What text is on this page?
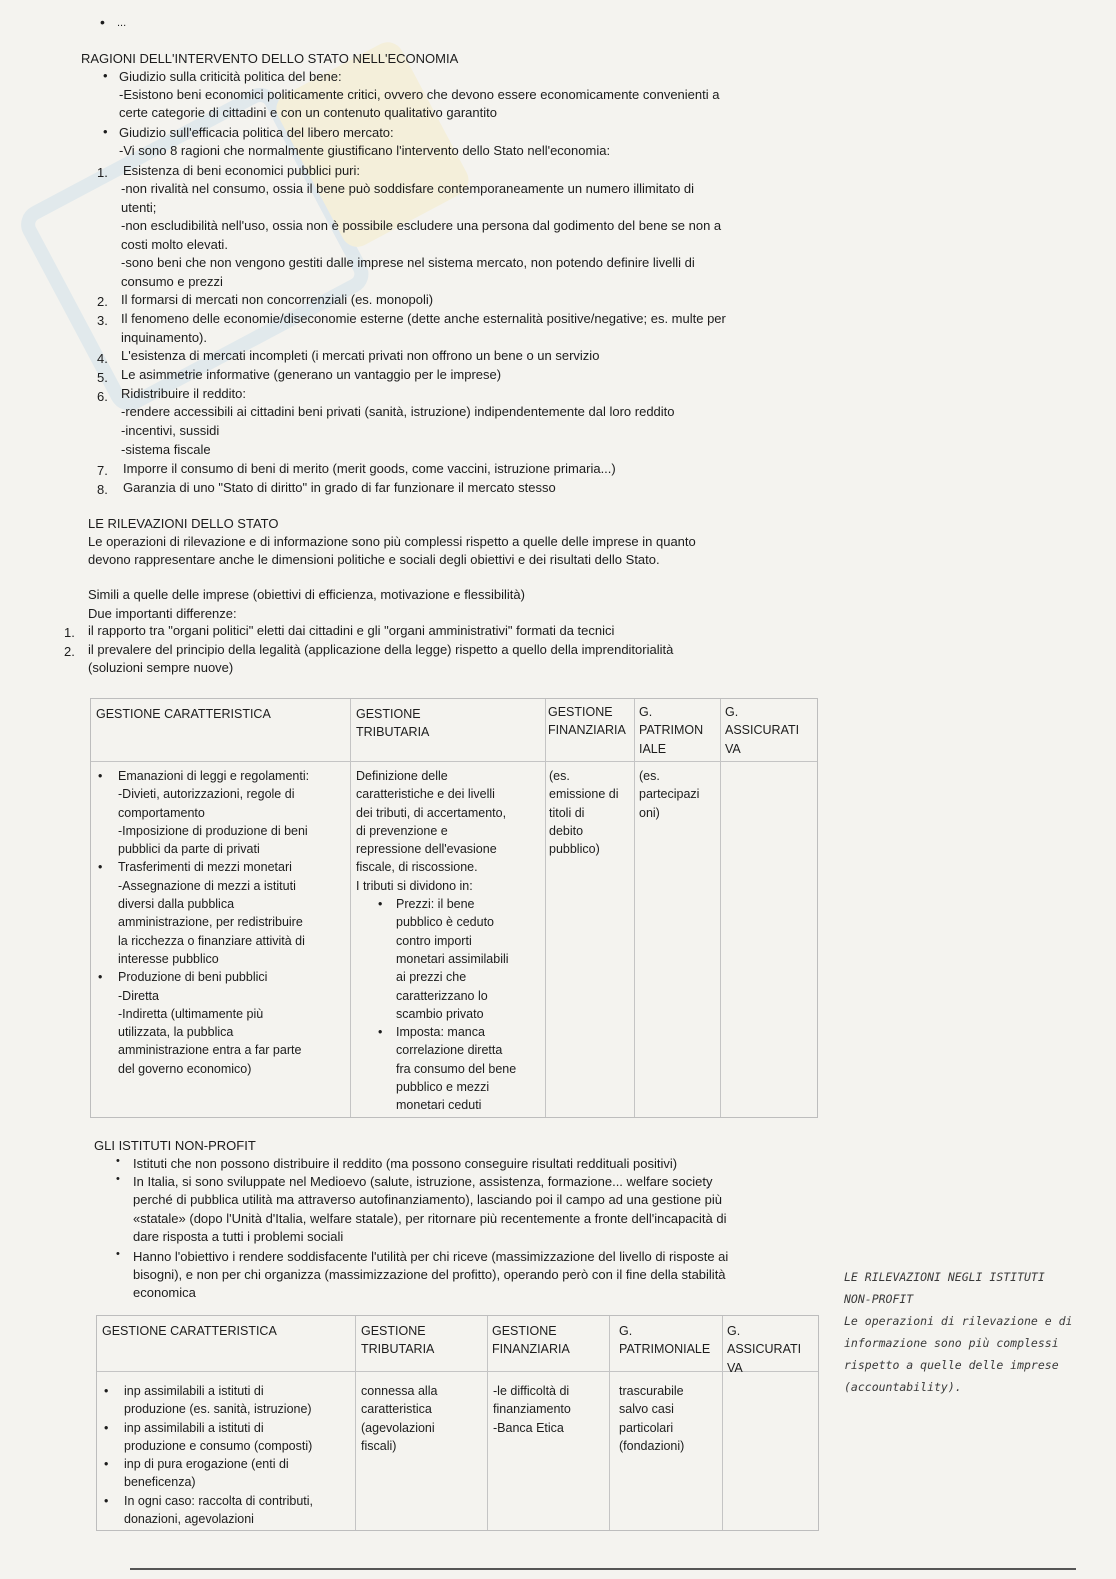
• ...
RAGIONI DELL'INTERVENTO DELLO STATO NELL'ECONOMIA
• Giudizio sulla criticità politica del bene:
-Esistono beni economici politicamente critici, ovvero che devono essere economicamente convenienti a
certe categorie di cittadini e con un contenuto qualitativo garantito
• Giudizio sull'efficacia politica del libero mercato:
-Vi sono 8 ragioni che normalmente giustificano l'intervento dello Stato nell'economia:
1. Esistenza di beni economici pubblici puri:
-non rivalità nel consumo, ossia il bene può soddisfare contemporaneamente un numero illimitato di
utenti;
-non escludibilità nell'uso, ossia non è possibile escludere una persona dal godimento del bene se non a
costi molto elevati.
-sono beni che non vengono gestiti dalle imprese nel sistema mercato, non potendo definire livelli di
consumo e prezzi
2. Il formarsi di mercati non concorrenziali (es. monopoli)
3. Il fenomeno delle economie/diseconomie esterne (dette anche esternalità positive/negative; es. multe per
inquinamento).
4. L'esistenza di mercati incompleti (i mercati privati non offrono un bene o un servizio
5. Le asimmetrie informative (generano un vantaggio per le imprese)
6. Ridistribuire il reddito:
-rendere accessibili ai cittadini beni privati (sanità, istruzione) indipendentemente dal loro reddito
-incentivi, sussidi
-sistema fiscale
7. Imporre il consumo di beni di merito (merit goods, come vaccini, istruzione primaria...)
8. Garanzia di uno "Stato di diritto" in grado di far funzionare il mercato stesso
LE RILEVAZIONI DELLO STATO
Le operazioni di rilevazione e di informazione sono più complessi rispetto a quelle delle imprese in quanto
devono rappresentare anche le dimensioni politiche e sociali degli obiettivi e dei risultati dello Stato.
Simili a quelle delle imprese (obiettivi di efficienza, motivazione e flessibilità)
Due importanti differenze:
1. il rapporto tra "organi politici" eletti dai cittadini e gli "organi amministrativi" formati da tecnici
2. il prevalere del principio della legalità (applicazione della legge) rispetto a quello della imprenditorialità
(soluzioni sempre nuove)
GESTIONE CARATTERISTICA	GESTIONE
TRIBUTARIA
GESTIONE
FINANZIARIA
G.
PATRIMON
IALE
G.
ASSICURATI
VA
•
•
•
Emanazioni di leggi e regolamenti:
-Divieti, autorizzazioni, regole di
comportamento
-Imposizione di produzione di beni
pubblici da parte di privati
Trasferimenti di mezzi monetari
-Assegnazione di mezzi a istituti
diversi dalla pubblica
amministrazione, per redistribuire
la ricchezza o finanziare attività di
interesse pubblico
Produzione di beni pubblici
-Diretta
-Indiretta (ultimamente più
utilizzata, la pubblica
amministrazione entra a far parte
del governo economico)
Definizione delle
caratteristiche e dei livelli
dei tributi, di accertamento,
di prevenzione e
repressione dell'evasione
fiscale, di riscossione.
I tributi si dividono in:
•
•
Prezzi: il bene
pubblico è ceduto
contro importi
monetari assimilabili
ai prezzi che
caratterizzano lo
scambio privato
Imposta: manca
correlazione diretta
fra consumo del bene
pubblico e mezzi
monetari ceduti
(es.
emissione di
titoli di
debito
pubblico)
(es.
partecipazi
oni)
GLI ISTITUTI NON-PROFIT
• Istituti che non possono distribuire il reddito (ma possono conseguire risultati reddituali positivi)
• In Italia, si sono sviluppate nel Medioevo (salute, istruzione, assistenza, formazione... welfare society
perché di pubblica utilità ma attraverso autofinanziamento), lasciando poi il campo ad una gestione più
«statale» (dopo l'Unità d'Italia, welfare statale), per ritornare più recentemente a fronte dell'incapacità di
dare risposta a tutti i problemi sociali
• Hanno l'obiettivo i rendere soddisfacente l'utilità per chi riceve (massimizzazione del livello di risposte ai
bisogni), e non per chi organizza (massimizzazione del profitto), operando però con il fine della stabilità
economica
LE RILEVAZIONI NEGLI ISTITUTI
NON-PROFIT
Le operazioni di rilevazione e di
informazione sono più complessi
rispetto a quelle delle imprese
(accountability).
GESTIONE CARATTERISTICA	GESTIONE
TRIBUTARIA
GESTIONE
FINANZIARIA
G.
PATRIMONIALE
G.
ASSICURATI
VA
•
•
•
•
inp assimilabili a istituti di
produzione (es. sanità, istruzione)
inp assimilabili a istituti di
produzione e consumo (composti)
inp di pura erogazione (enti di
beneficenza)
In ogni caso: raccolta di contributi,
donazioni, agevolazioni
connessa alla
caratteristica
(agevolazioni
fiscali)
-le difficoltà di
finanziamento
-Banca Etica
trascurabile
salvo casi
particolari
(fondazioni)
